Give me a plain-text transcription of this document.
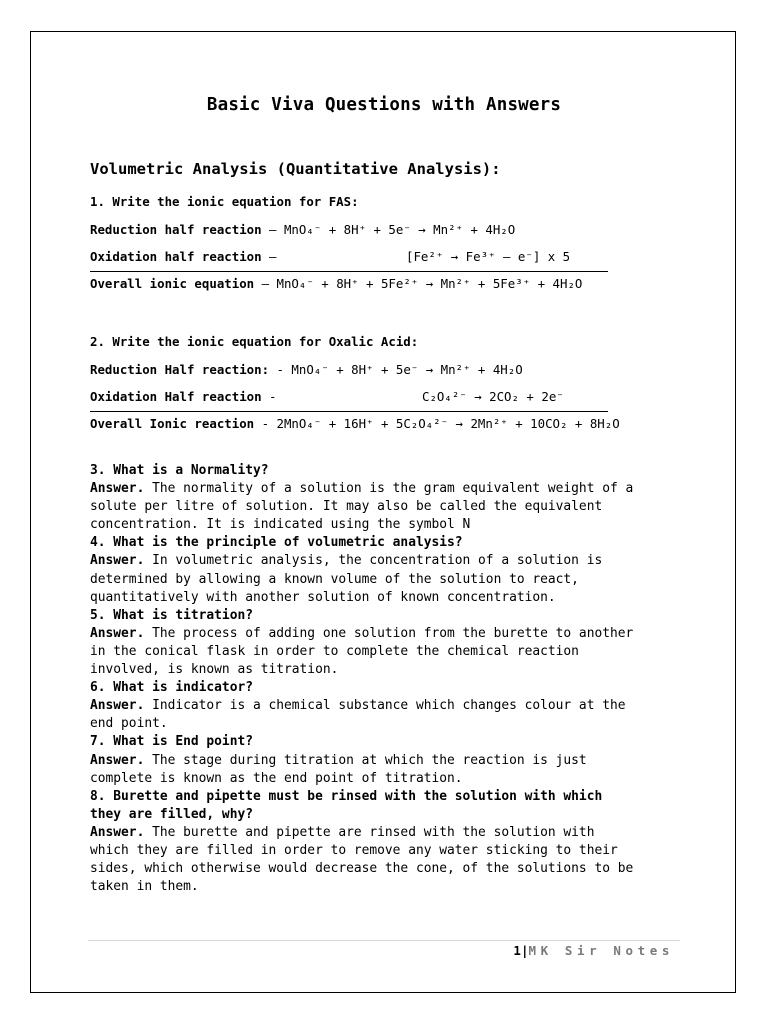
Basic Viva Questions with Answers
Volumetric Analysis (Quantitative Analysis):
1. Write the ionic equation for FAS:
Reduction half reaction – MnO₄⁻ + 8H⁺ + 5e⁻ → Mn²⁺ + 4H₂O
Oxidation half reaction –	[Fe²⁺ → Fe³⁺ – e⁻] x 5
Overall ionic equation – MnO₄⁻ + 8H⁺ + 5Fe²⁺ → Mn²⁺ + 5Fe³⁺ + 4H₂O
2. Write the ionic equation for Oxalic Acid:
Reduction Half reaction: - MnO₄⁻ + 8H⁺ + 5e⁻ → Mn²⁺ + 4H₂O
Oxidation Half reaction -	C₂O₄²⁻ → 2CO₂ + 2e⁻
Overall Ionic reaction - 2MnO₄⁻ + 16H⁺ + 5C₂O₄²⁻ → 2Mn²⁺ + 10CO₂ + 8H₂O
3. What is a Normality?
Answer. The normality of a solution is the gram equivalent weight of a
solute per litre of solution. It may also be called the equivalent
concentration. It is indicated using the symbol N
4. What is the principle of volumetric analysis?
Answer. In volumetric analysis, the concentration of a solution is
determined by allowing a known volume of the solution to react,
quantitatively with another solution of known concentration.
5. What is titration?
Answer. The process of adding one solution from the burette to another
in the conical flask in order to complete the chemical reaction
involved, is known as titration.
6. What is indicator?
Answer. Indicator is a chemical substance which changes colour at the
end point.
7. What is End point?
Answer. The stage during titration at which the reaction is just
complete is known as the end point of titration.
8. Burette and pipette must be rinsed with the solution with which
they are filled, why?
Answer. The burette and pipette are rinsed with the solution with
which they are filled in order to remove any water sticking to their
sides, which otherwise would decrease the cone, of the solutions to be
taken in them.
1|MK Sir Notes
